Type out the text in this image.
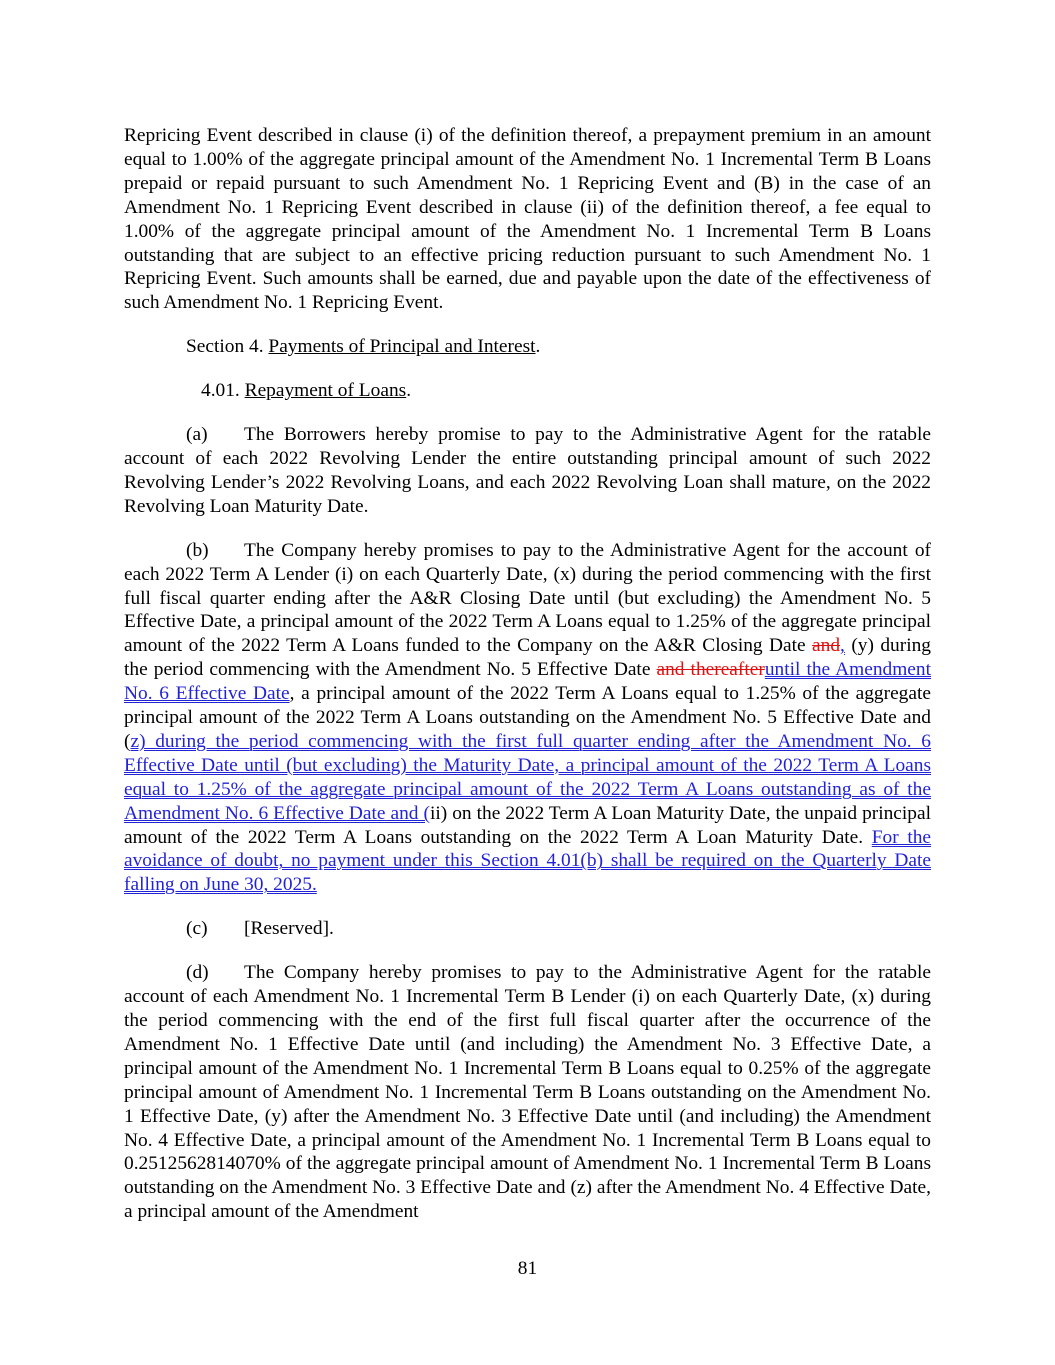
Repricing Event described in clause (i) of the definition thereof, a prepayment premium in an amount equal to 1.00% of the aggregate principal amount of the Amendment No. 1 Incremental Term B Loans prepaid or repaid pursuant to such Amendment No. 1 Repricing Event and (B) in the case of an Amendment No. 1 Repricing Event described in clause (ii) of the definition thereof, a fee equal to 1.00% of the aggregate principal amount of the Amendment No. 1 Incremental Term B Loans outstanding that are subject to an effective pricing reduction pursuant to such Amendment No. 1 Repricing Event. Such amounts shall be earned, due and payable upon the date of the effectiveness of such Amendment No. 1 Repricing Event.

Section 4. Payments of Principal and Interest.

4.01. Repayment of Loans.

(a) The Borrowers hereby promise to pay to the Administrative Agent for the ratable account of each 2022 Revolving Lender the entire outstanding principal amount of such 2022 Revolving Lender’s 2022 Revolving Loans, and each 2022 Revolving Loan shall mature, on the 2022 Revolving Loan Maturity Date.

(b) The Company hereby promises to pay to the Administrative Agent for the account of each 2022 Term A Lender (i) on each Quarterly Date, (x) during the period commencing with the first full fiscal quarter ending after the A&R Closing Date until (but excluding) the Amendment No. 5 Effective Date, a principal amount of the 2022 Term A Loans equal to 1.25% of the aggregate principal amount of the 2022 Term A Loans funded to the Company on the A&R Closing Date and, (y) during the period commencing with the Amendment No. 5 Effective Date and thereafteruntil the Amendment No. 6 Effective Date, a principal amount of the 2022 Term A Loans equal to 1.25% of the aggregate principal amount of the 2022 Term A Loans outstanding on the Amendment No. 5 Effective Date and (z) during the period commencing with the first full quarter ending after the Amendment No. 6 Effective Date until (but excluding) the Maturity Date, a principal amount of the 2022 Term A Loans equal to 1.25% of the aggregate principal amount of the 2022 Term A Loans outstanding as of the Amendment No. 6 Effective Date and (ii) on the 2022 Term A Loan Maturity Date, the unpaid principal amount of the 2022 Term A Loans outstanding on the 2022 Term A Loan Maturity Date. For the avoidance of doubt, no payment under this Section 4.01(b) shall be required on the Quarterly Date falling on June 30, 2025.

(c) [Reserved].

(d) The Company hereby promises to pay to the Administrative Agent for the ratable account of each Amendment No. 1 Incremental Term B Lender (i) on each Quarterly Date, (x) during the period commencing with the end of the first full fiscal quarter after the occurrence of the Amendment No. 1 Effective Date until (and including) the Amendment No. 3 Effective Date, a principal amount of the Amendment No. 1 Incremental Term B Loans equal to 0.25% of the aggregate principal amount of Amendment No. 1 Incremental Term B Loans outstanding on the Amendment No. 1 Effective Date, (y) after the Amendment No. 3 Effective Date until (and including) the Amendment No. 4 Effective Date, a principal amount of the Amendment No. 1 Incremental Term B Loans equal to 0.2512562814070% of the aggregate principal amount of Amendment No. 1 Incremental Term B Loans outstanding on the Amendment No. 3 Effective Date and (z) after the Amendment No. 4 Effective Date, a principal amount of the Amendment

81
